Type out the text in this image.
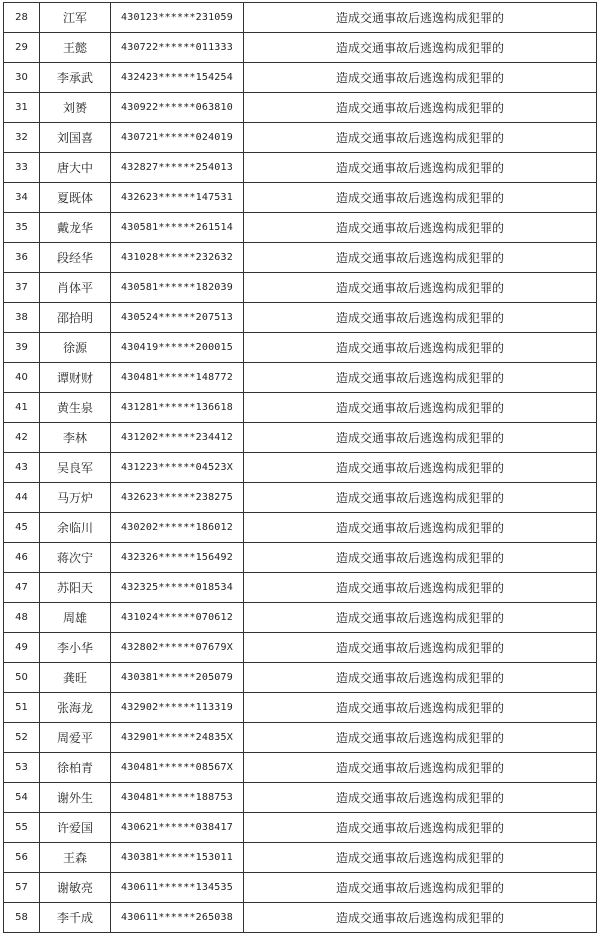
28	江军	430123******231059	造成交通事故后逃逸构成犯罪的
29	王懿	430722******011333	造成交通事故后逃逸构成犯罪的
30	李承武	432423******154254	造成交通事故后逃逸构成犯罪的
31	刘赟	430922******063810	造成交通事故后逃逸构成犯罪的
32	刘国喜	430721******024019	造成交通事故后逃逸构成犯罪的
33	唐大中	432827******254013	造成交通事故后逃逸构成犯罪的
34	夏既体	432623******147531	造成交通事故后逃逸构成犯罪的
35	戴龙华	430581******261514	造成交通事故后逃逸构成犯罪的
36	段经华	431028******232632	造成交通事故后逃逸构成犯罪的
37	肖体平	430581******182039	造成交通事故后逃逸构成犯罪的
38	邵拾明	430524******207513	造成交通事故后逃逸构成犯罪的
39	徐源	430419******200015	造成交通事故后逃逸构成犯罪的
40	谭财财	430481******148772	造成交通事故后逃逸构成犯罪的
41	黄生泉	431281******136618	造成交通事故后逃逸构成犯罪的
42	李林	431202******234412	造成交通事故后逃逸构成犯罪的
43	吴良军	431223******04523X	造成交通事故后逃逸构成犯罪的
44	马万炉	432623******238275	造成交通事故后逃逸构成犯罪的
45	余临川	430202******186012	造成交通事故后逃逸构成犯罪的
46	蒋次宁	432326******156492	造成交通事故后逃逸构成犯罪的
47	苏阳天	432325******018534	造成交通事故后逃逸构成犯罪的
48	周雄	431024******070612	造成交通事故后逃逸构成犯罪的
49	李小华	432802******07679X	造成交通事故后逃逸构成犯罪的
50	龚旺	430381******205079	造成交通事故后逃逸构成犯罪的
51	张海龙	432902******113319	造成交通事故后逃逸构成犯罪的
52	周爱平	432901******24835X	造成交通事故后逃逸构成犯罪的
53	徐柏青	430481******08567X	造成交通事故后逃逸构成犯罪的
54	谢外生	430481******188753	造成交通事故后逃逸构成犯罪的
55	许爱国	430621******038417	造成交通事故后逃逸构成犯罪的
56	王森	430381******153011	造成交通事故后逃逸构成犯罪的
57	谢敏亮	430611******134535	造成交通事故后逃逸构成犯罪的
58	李千成	430611******265038	造成交通事故后逃逸构成犯罪的
